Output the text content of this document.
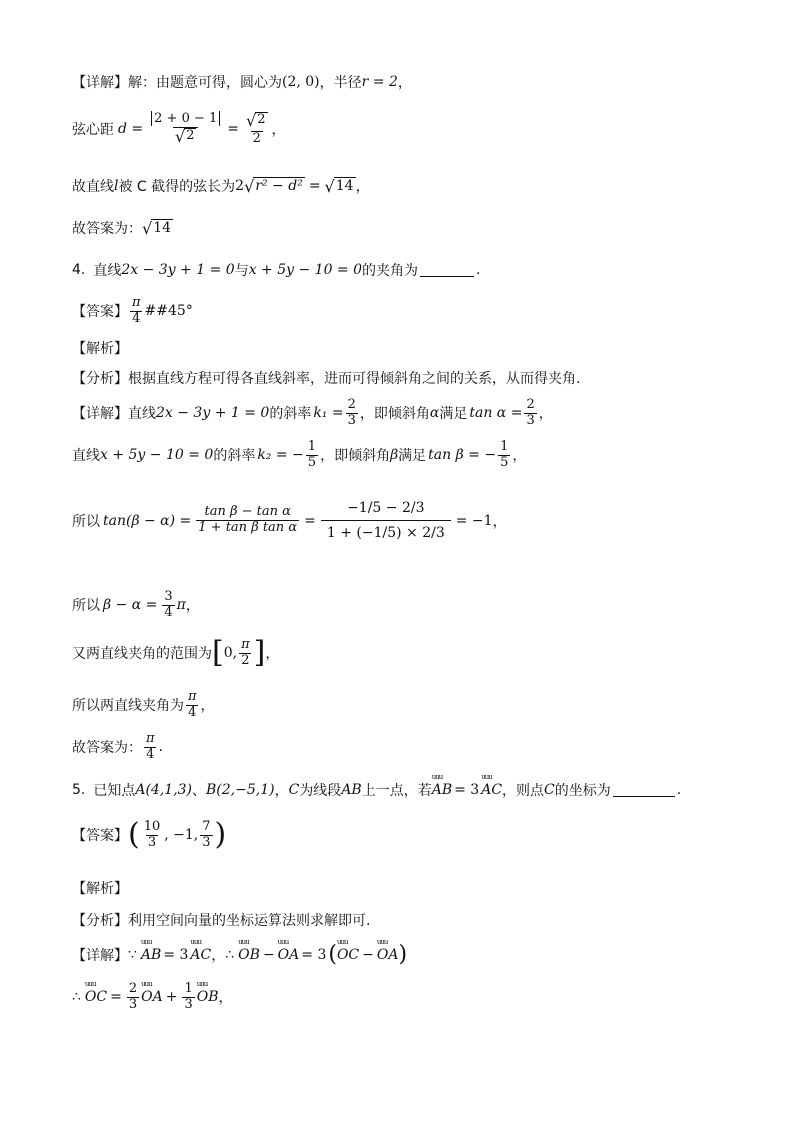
【详解】 解：由题意可得，圆心为 (2, 0) ，半径 r = 2 ，
弦心距 $d = \frac{2 + 0 - 1}{√ 2} = \frac{√ 2}{2}$ ，
故直线 l 被 C 截得的弦长为 2 √ r² − d² = √ 14 ，
故答案为： √ 14
4. 直线 2x − 3y + 1 = 0 与 x + 5y − 10 = 0 的夹角为	.
【答案】 $\frac{\pi}{4}$ ##45°
【解析】
【分析】 根据直线方程可得各直线斜率，进而可得倾斜角之间的关系，从而得夹角.
【详解】 直线 2x − 3y + 1 = 0 的斜率 $k_1 = \frac{2}{3}$ ，即倾斜角 α 满足 $\tan \alpha = \frac{2}{3}$ ，
直线 x + 5y − 10 = 0 的斜率 k₂ = − $\frac{1}{5}$ ，即倾斜角 β 满足 tan β = − $\frac{1}{5}$ ，
所以 $\tan(\beta - \alpha) = \frac{\text{tan β − tan α}}{\text{1 + tan β tan α}} = \frac{-1/5 - 2/3}{1 + (-1/5) \times 2/3} = -1$ ，
所以 $\beta - \alpha = \frac{3}{4}$ π ，
又两直线夹角的范围为 [ 0, $\frac{\pi}{2}$ ] ，
所以两直线夹角为 $\frac{\pi}{4}$ ，
故答案为： $\frac{\pi}{4}$ .
5. 已知点 A(4,1,3) 、 B(2,−5,1) ， C 为线段 AB 上一点，若 uuu AB = 3 uuu AC ，则点 C 的坐标为	.
【答案】 ( $\frac{10}{3}$ , −1, $\frac{7}{3}$ )
【解析】
【分析】 利用空间向量的坐标运算法则求解即可.
【详解】 ∵ uuu AB = 3 uuu AC ， ∴ uuu OB − uuu OA = 3 ( uuu OC − uuu OA )
∴ uuu OC = $\frac{2}{3}$ uuu OA + $\frac{1}{3}$ uuu OB ，
